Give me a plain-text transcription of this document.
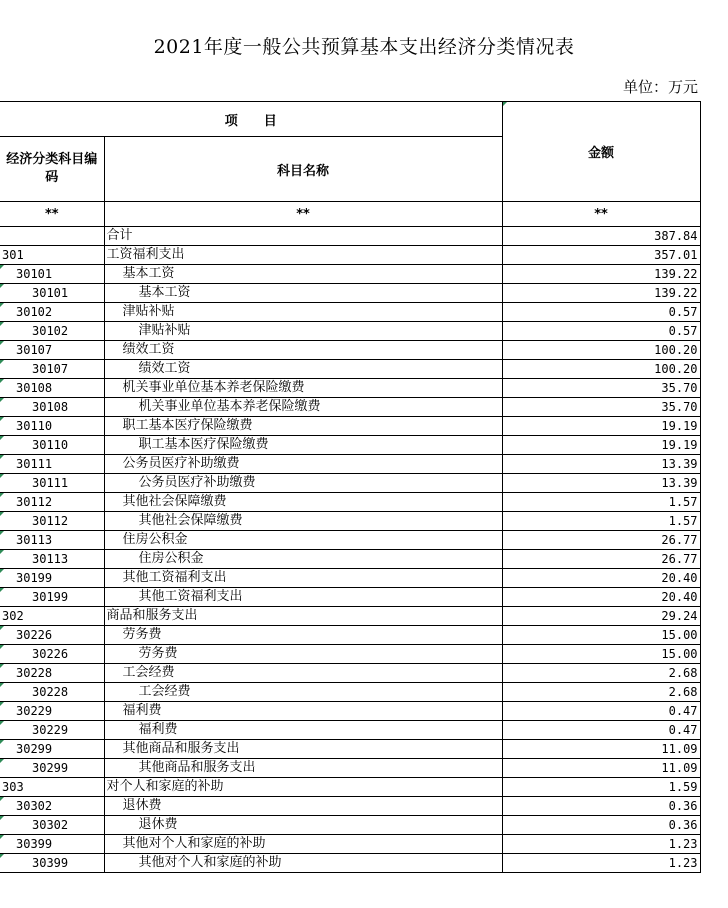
2021年度一般公共预算基本支出经济分类情况表
单位：万元
项　　目		金额
经济分类科目编码	科目名称	
**	**	**
	合计	387.84
301	工资福利支出	357.01
30101	基本工资	139.22
30101	基本工资	139.22
30102	津贴补贴	0.57
30102	津贴补贴	0.57
30107	绩效工资	100.20
30107	绩效工资	100.20
30108	机关事业单位基本养老保险缴费	35.70
30108	机关事业单位基本养老保险缴费	35.70
30110	职工基本医疗保险缴费	19.19
30110	职工基本医疗保险缴费	19.19
30111	公务员医疗补助缴费	13.39
30111	公务员医疗补助缴费	13.39
30112	其他社会保障缴费	1.57
30112	其他社会保障缴费	1.57
30113	住房公积金	26.77
30113	住房公积金	26.77
30199	其他工资福利支出	20.40
30199	其他工资福利支出	20.40
302	商品和服务支出	29.24
30226	劳务费	15.00
30226	劳务费	15.00
30228	工会经费	2.68
30228	工会经费	2.68
30229	福利费	0.47
30229	福利费	0.47
30299	其他商品和服务支出	11.09
30299	其他商品和服务支出	11.09
303	对个人和家庭的补助	1.59
30302	退休费	0.36
30302	退休费	0.36
30399	其他对个人和家庭的补助	1.23
30399	其他对个人和家庭的补助	1.23
